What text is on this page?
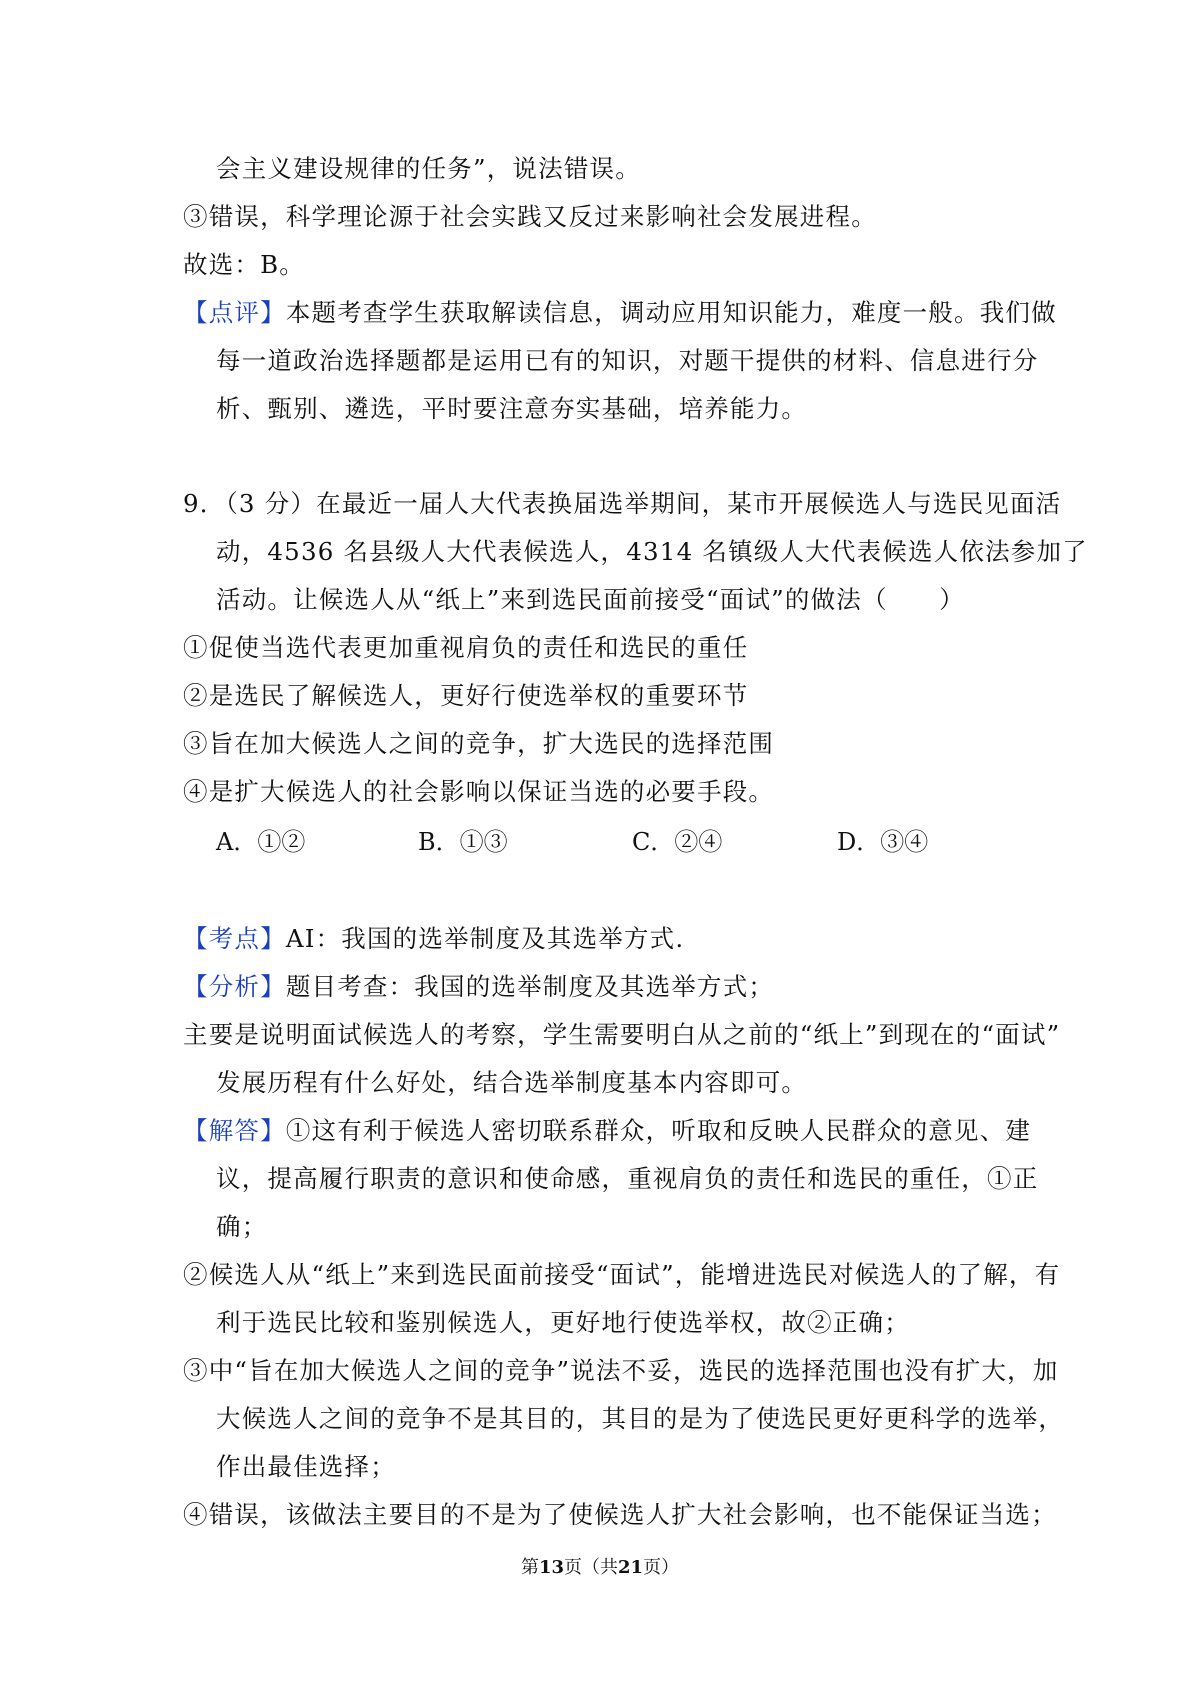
会主义建设规律的任务”，说法错误。
③错误，科学理论源于社会实践又反过来影响社会发展进程。
故选：B。
【点评】本题考查学生获取解读信息，调动应用知识能力，难度一般。我们做
每一道政治选择题都是运用已有的知识，对题干提供的材料、信息进行分
析、甄别、遴选，平时要注意夯实基础，培养能力。
9．（3 分）在最近一届人大代表换届选举期间，某市开展候选人与选民见面活
动，4536 名县级人大代表候选人，4314 名镇级人大代表候选人依法参加了
活动。让候选人从“纸上”来到选民面前接受“面试”的做法（　　）
①促使当选代表更加重视肩负的责任和选民的重任
②是选民了解候选人，更好行使选举权的重要环节
③旨在加大候选人之间的竞争，扩大选民的选择范围
④是扩大候选人的社会影响以保证当选的必要手段。
A．①②	B．①③	C．②④	D．③④
【考点】AI：我国的选举制度及其选举方式.
【分析】题目考查：我国的选举制度及其选举方式；
主要是说明面试候选人的考察，学生需要明白从之前的“纸上”到现在的“面试”
发展历程有什么好处，结合选举制度基本内容即可。
【解答】①这有利于候选人密切联系群众，听取和反映人民群众的意见、建
议，提高履行职责的意识和使命感，重视肩负的责任和选民的重任，①正
确；
②候选人从“纸上”来到选民面前接受“面试”，能增进选民对候选人的了解，有
利于选民比较和鉴别候选人，更好地行使选举权，故②正确；
③中“旨在加大候选人之间的竞争”说法不妥，选民的选择范围也没有扩大，加
大候选人之间的竞争不是其目的，其目的是为了使选民更好更科学的选举，
作出最佳选择；
④错误，该做法主要目的不是为了使候选人扩大社会影响，也不能保证当选；
第13页（共21页）
